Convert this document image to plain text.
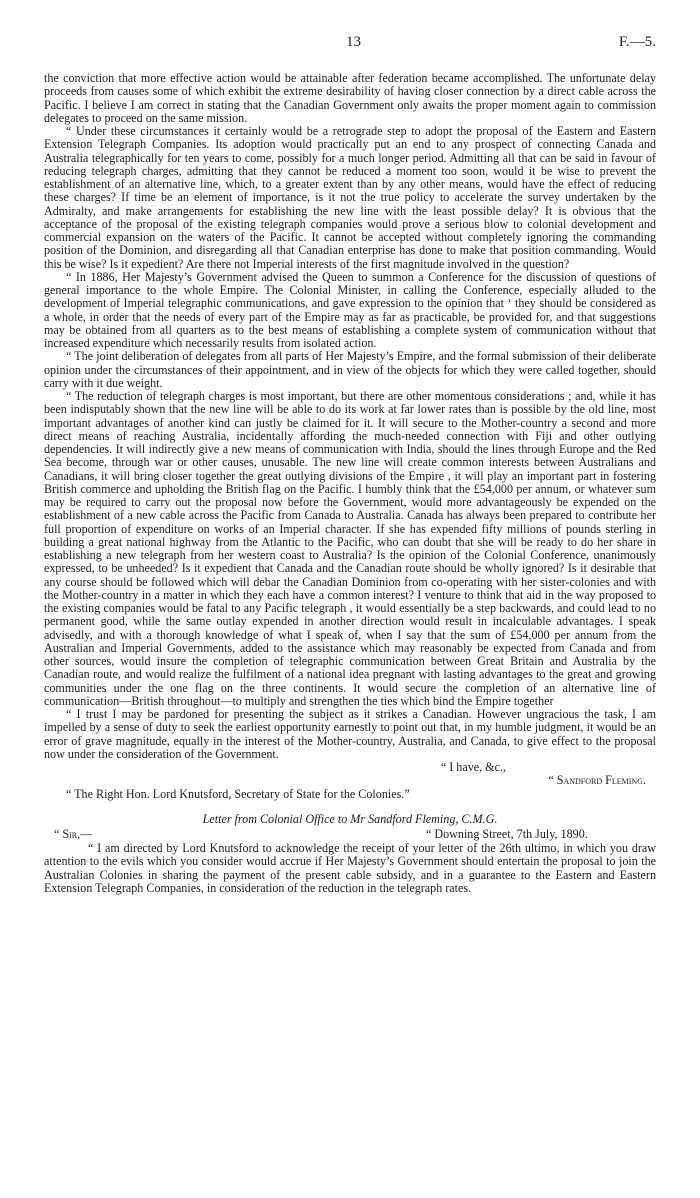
13	F.—5.

the conviction that more effective action would be attainable after federation became accomplished. The unfortunate delay proceeds from causes some of which exhibit the extreme desirability of having closer connection by a direct cable across the Pacific. I believe I am correct in stating that the Canadian Government only awaits the proper moment again to commission delegates to proceed on the same mission.

“ Under these circumstances it certainly would be a retrograde step to adopt the proposal of the Eastern and Eastern Extension Telegraph Companies. Its adoption would practically put an end to any prospect of connecting Canada and Australia telegraphically for ten years to come, possibly for a much longer period. Admitting all that can be said in favour of reducing telegraph charges, admitting that they cannot be reduced a moment too soon, would it be wise to prevent the establishment of an alternative line, which, to a greater extent than by any other means, would have the effect of reducing these charges? If time be an element of importance, is it not the true policy to accelerate the survey undertaken by the Admiralty, and make arrangements for establishing the new line with the least possible delay? It is obvious that the acceptance of the proposal of the existing telegraph companies would prove a serious blow to colonial development and commercial expansion on the waters of the Pacific. It cannot be accepted without completely ignoring the commanding position of the Dominion, and disregarding all that Canadian enterprise has done to make that position commanding. Would this be wise? Is it expedient? Are there not Imperial interests of the first magnitude involved in the question?

“ In 1886, Her Majesty’s Government advised the Queen to summon a Conference for the discussion of questions of general importance to the whole Empire. The Colonial Minister, in calling the Conference, especially alluded to the development of Imperial telegraphic communications, and gave expression to the opinion that ‘ they should be considered as a whole, in order that the needs of every part of the Empire may as far as practicable, be provided for, and that suggestions may be obtained from all quarters as to the best means of establishing a complete system of communication without that increased expenditure which necessarily results from isolated action.

“ The joint deliberation of delegates from all parts of Her Majesty’s Empire, and the formal submission of their deliberate opinion under the circumstances of their appointment, and in view of the objects for which they were called together, should carry with it due weight.

“ The reduction of telegraph charges is most important, but there are other momentous considerations ; and, while it has been indisputably shown that the new line will be able to do its work at far lower rates than is possible by the old line, most important advantages of another kind can justly be claimed for it. It will secure to the Mother-country a second and more direct means of reaching Australia, incidentally affording the much-needed connection with Fiji and other outlying dependencies. It will indirectly give a new means of communication with India, should the lines through Europe and the Red Sea become, through war or other causes, unusable. The new line will create common interests between Australians and Canadians, it will bring closer together the great outlying divisions of the Empire , it will play an important part in fostering British commerce and upholding the British flag on the Pacific. I humbly think that the £54,000 per annum, or whatever sum may be required to carry out the proposal now before the Government, would more advantageously be expended on the establishment of a new cable across the Pacific from Canada to Australia. Canada has always been prepared to contribute her full proportion of expenditure on works of an Imperial character. If she has expended fifty millions of pounds sterling in building a great national highway from the Atlantic to the Pacific, who can doubt that she will be ready to do her share in establishing a new telegraph from her western coast to Australia? Is the opinion of the Colonial Conference, unanimously expressed, to be unheeded? Is it expedient that Canada and the Canadian route should be wholly ignored? Is it desirable that any course should be followed which will debar the Canadian Dominion from co-operating with her sister-colonies and with the Mother-country in a matter in which they each have a common interest? I venture to think that aid in the way proposed to the existing companies would be fatal to any Pacific telegraph , it would essentially be a step backwards, and could lead to no permanent good, while the same outlay expended in another direction would result in incalculable advantages. I speak advisedly, and with a thorough knowledge of what I speak of, when I say that the sum of £54,000 per annum from the Australian and Imperial Governments, added to the assistance which may reasonably be expected from Canada and from other sources, would insure the completion of telegraphic communication between Great Britain and Australia by the Canadian route, and would realize the fulfilment of a national idea pregnant with lasting advantages to the great and growing communities under the one flag on the three continents. It would secure the completion of an alternative line of communication—British throughout—to multiply and strengthen the ties which bind the Empire together

“ I trust I may be pardoned for presenting the subject as it strikes a Canadian. However ungracious the task, I am impelled by a sense of duty to seek the earliest opportunity earnestly to point out that, in my humble judgment, it would be an error of grave magnitude, equally in the interest of the Mother-country, Australia, and Canada, to give effect to the proposal now under the consideration of the Government.

“ I have, &c.,

“ Sandford Fleming.

“ The Right Hon. Lord Knutsford, Secretary of State for the Colonies.”

Letter from Colonial Office to Mr Sandford Fleming, C.M.G.

“ Sir,—	“ Downing Street, 7th July, 1890.

“ I am directed by Lord Knutsford to acknowledge the receipt of your letter of the 26th ultimo, in which you draw attention to the evils which you consider would accrue if Her Majesty’s Government should entertain the proposal to join the Australian Colonies in sharing the payment of the present cable subsidy, and in a guarantee to the Eastern and Eastern Extension Telegraph Companies, in consideration of the reduction in the telegraph rates.
